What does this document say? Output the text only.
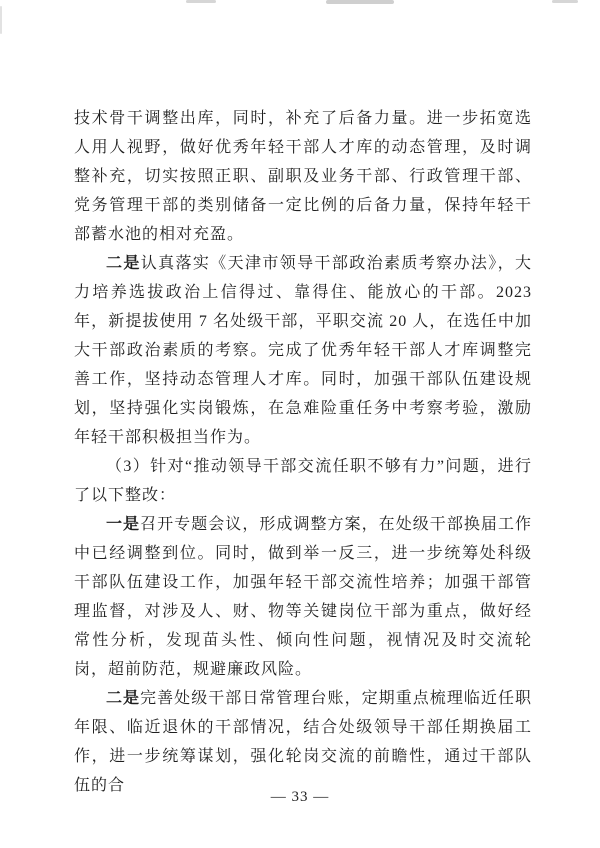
技术骨干调整出库，同时，补充了后备力量。进一步拓宽选人用人视野，做好优秀年轻干部人才库的动态管理，及时调整补充，切实按照正职、副职及业务干部、行政管理干部、党务管理干部的类别储备一定比例的后备力量，保持年轻干部蓄水池的相对充盈。

二是认真落实《天津市领导干部政治素质考察办法》，大力培养选拔政治上信得过、靠得住、能放心的干部。2023 年，新提拔使用 7 名处级干部，平职交流 20 人，在选任中加大干部政治素质的考察。完成了优秀年轻干部人才库调整完善工作，坚持动态管理人才库。同时，加强干部队伍建设规划，坚持强化实岗锻炼，在急难险重任务中考察考验，激励年轻干部积极担当作为。

（3）针对“推动领导干部交流任职不够有力”问题，进行了以下整改：

一是召开专题会议，形成调整方案，在处级干部换届工作中已经调整到位。同时，做到举一反三，进一步统筹处科级干部队伍建设工作，加强年轻干部交流性培养；加强干部管理监督，对涉及人、财、物等关键岗位干部为重点，做好经常性分析，发现苗头性、倾向性问题，视情况及时交流轮岗，超前防范，规避廉政风险。

二是完善处级干部日常管理台账，定期重点梳理临近任职年限、临近退休的干部情况，结合处级领导干部任期换届工作，进一步统筹谋划，强化轮岗交流的前瞻性，通过干部队伍的合

— 33 —
